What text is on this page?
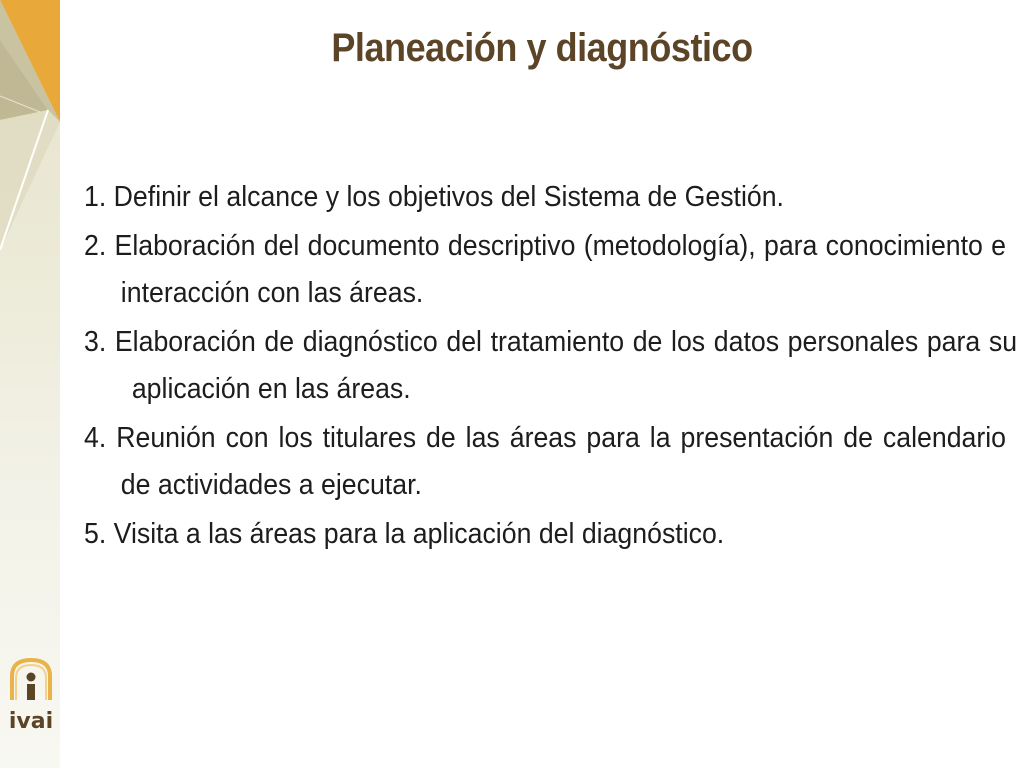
Planeación y diagnóstico
1. Definir el alcance y los objetivos del Sistema de Gestión.
2. Elaboración del documento descriptivo (metodología), para conocimiento e interacción con las áreas.
3. Elaboración de diagnóstico del tratamiento de los datos personales para su aplicación en las áreas.
4. Reunión con los titulares de las áreas para la presentación de calendario de actividades a ejecutar.
5. Visita a las áreas para la aplicación del diagnóstico.
ivai
